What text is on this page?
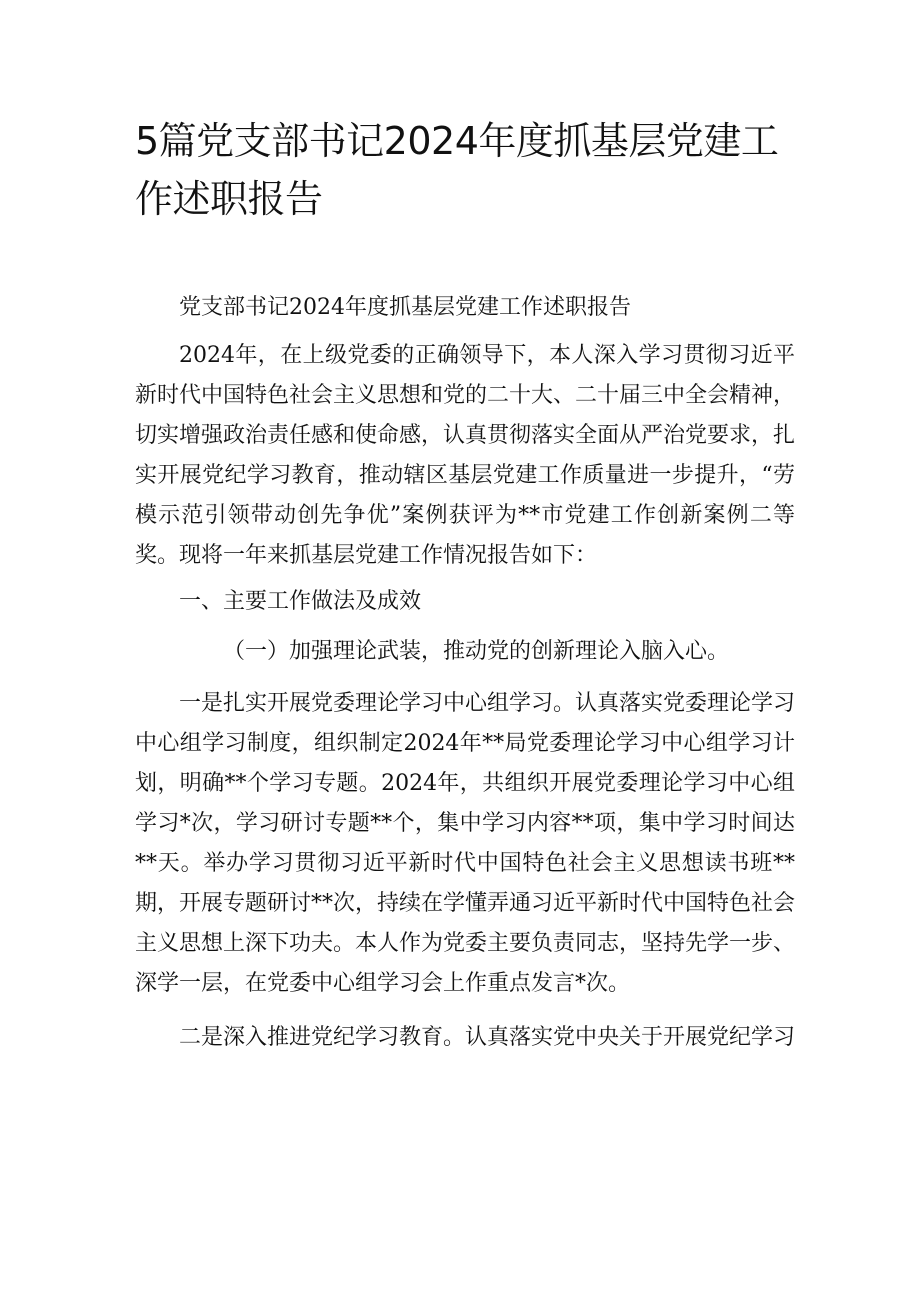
5篇党支部书记2024年度抓基层党建工作述职报告

党支部书记2024年度抓基层党建工作述职报告

2024年，在上级党委的正确领导下，本人深入学习贯彻习近平新时代中国特色社会主义思想和党的二十大、二十届三中全会精神，切实增强政治责任感和使命感，认真贯彻落实全面从严治党要求，扎实开展党纪学习教育，推动辖区基层党建工作质量进一步提升，“劳模示范引领带动创先争优”案例获评为**市党建工作创新案例二等奖。现将一年来抓基层党建工作情况报告如下：

一、主要工作做法及成效

（一）加强理论武装，推动党的创新理论入脑入心。

一是扎实开展党委理论学习中心组学习。认真落实党委理论学习中心组学习制度，组织制定2024年**局党委理论学习中心组学习计划，明确**个学习专题。2024年，共组织开展党委理论学习中心组学习*次，学习研讨专题**个，集中学习内容**项，集中学习时间达**天。举办学习贯彻习近平新时代中国特色社会主义思想读书班**期，开展专题研讨**次，持续在学懂弄通习近平新时代中国特色社会主义思想上深下功夫。本人作为党委主要负责同志，坚持先学一步、深学一层，在党委中心组学习会上作重点发言*次。

二是深入推进党纪学习教育。认真落实党中央关于开展党纪学习
